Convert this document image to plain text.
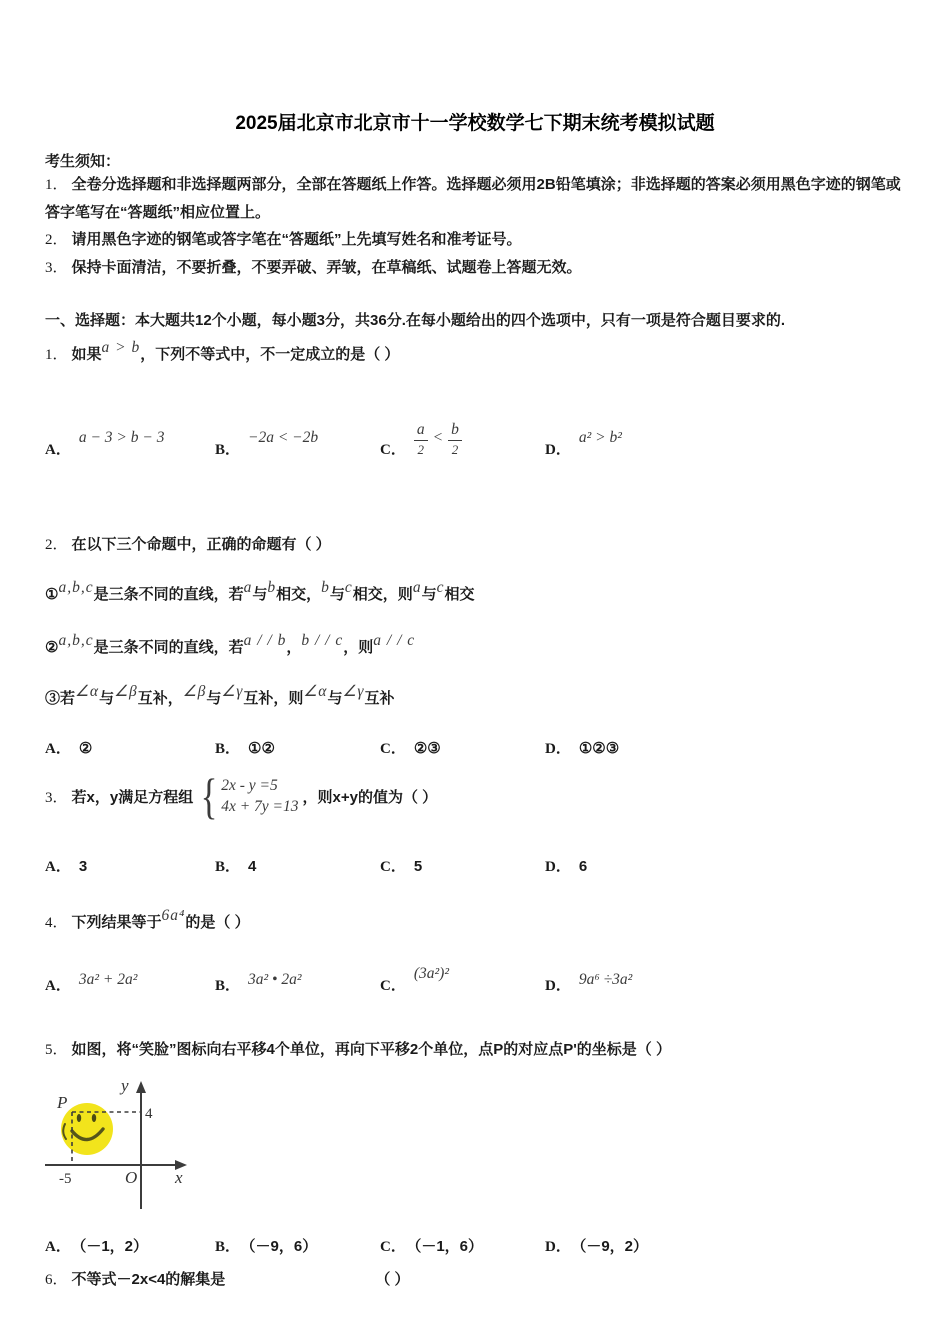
2025届北京市北京市十一学校数学七下期末统考模拟试题
考生须知：

1． 全卷分选择题和非选择题两部分，全部在答题纸上作答。选择题必须用2B铅笔填涂；非选择题的答案必须用黑色字迹的钢笔或答字笔写在“答题纸”相应位置上。

2． 请用黑色字迹的钢笔或答字笔在“答题纸”上先填写姓名和准考证号。

3． 保持卡面清洁，不要折叠，不要弄破、弄皱，在草稿纸、试题卷上答题无效。

一、选择题：本大题共12个小题，每小题3分，共36分.在每小题给出的四个选项中，只有一项是符合题目要求的.
1． 如果a > b，下列不等式中，不一定成立的是（ ）
A．a − 3 > b − 3
B．−2a < −2b
C． $\frac{a}{2} < \frac{b}{2}$	D．a² > b²
2． 在以下三个命题中，正确的命题有（ ）
①a,b,c是三条不同的直线，若a与b相交，b与c相交，则a与c相交
②a,b,c是三条不同的直线，若a / / b，b / / c，则a / / c
③若∠α与∠β互补，∠β与∠γ互补，则∠α与∠γ互补
A． ②	B． ①②	C． ②③	D． ①②③
3． 若x，y满足方程组 { 2x - y =5
4x + 7y =13
，则x+y的值为（ ）
A． 3	B． 4	C． 5	D． 6
4． 下列结果等于6a⁴的是（ ）
A． 3a² + 2a²	B． 3a² • 2a²	C．(3a²)²
D． 9a⁶ ÷3a²
5． 如图，将“笑脸”图标向右平移4个单位，再向下平移2个单位，点P的对应点P'的坐标是（ ）
y
x
O
4
-5
P
A． （－1，2）	B． （－9，6）	C． （－1，6）	D． （－9，2）
6． 不等式－2x<4的解集是	（ ）
